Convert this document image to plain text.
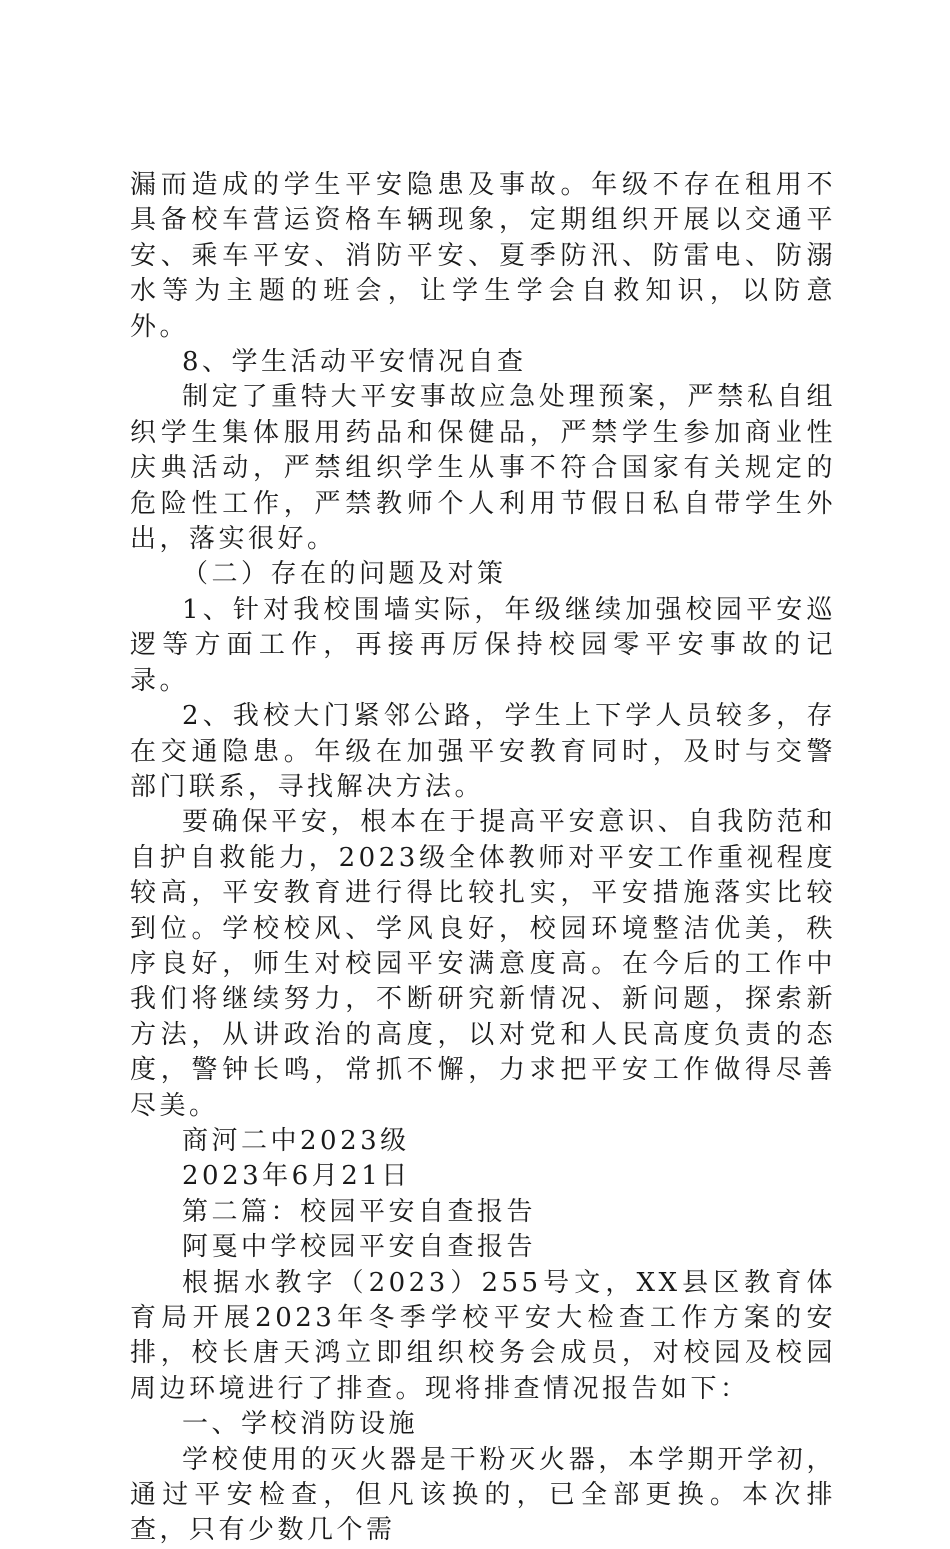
漏而造成的学生平安隐患及事故。年级不存在租用不具备校车营运资格车辆现象，定期组织开展以交通平安、乘车平安、消防平安、夏季防汛、防雷电、防溺水等为主题的班会，让学生学会自救知识，以防意外。

8、学生活动平安情况自查

制定了重特大平安事故应急处理预案，严禁私自组织学生集体服用药品和保健品，严禁学生参加商业性庆典活动，严禁组织学生从事不符合国家有关规定的危险性工作，严禁教师个人利用节假日私自带学生外出，落实很好。

（二）存在的问题及对策

1、针对我校围墙实际，年级继续加强校园平安巡逻等方面工作，再接再厉保持校园零平安事故的记录。

2、我校大门紧邻公路，学生上下学人员较多，存在交通隐患。年级在加强平安教育同时，及时与交警部门联系，寻找解决方法。

要确保平安，根本在于提高平安意识、自我防范和自护自救能力，2023级全体教师对平安工作重视程度较高，平安教育进行得比较扎实，平安措施落实比较到位。学校校风、学风良好，校园环境整洁优美，秩序良好，师生对校园平安满意度高。在今后的工作中我们将继续努力，不断研究新情况、新问题，探索新方法，从讲政治的高度，以对党和人民高度负责的态度，警钟长鸣，常抓不懈，力求把平安工作做得尽善尽美。

商河二中2023级

2023年6月21日

第二篇：校园平安自查报告

阿戛中学校园平安自查报告

根据水教字（2023）255号文，XX县区教育体育局开展2023年冬季学校平安大检查工作方案的安排，校长唐天鸿立即组织校务会成员，对校园及校园周边环境进行了排查。现将排查情况报告如下：

一、学校消防设施

学校使用的灭火器是干粉灭火器，本学期开学初，通过平安检查，但凡该换的，已全部更换。本次排查，只有少数几个需
